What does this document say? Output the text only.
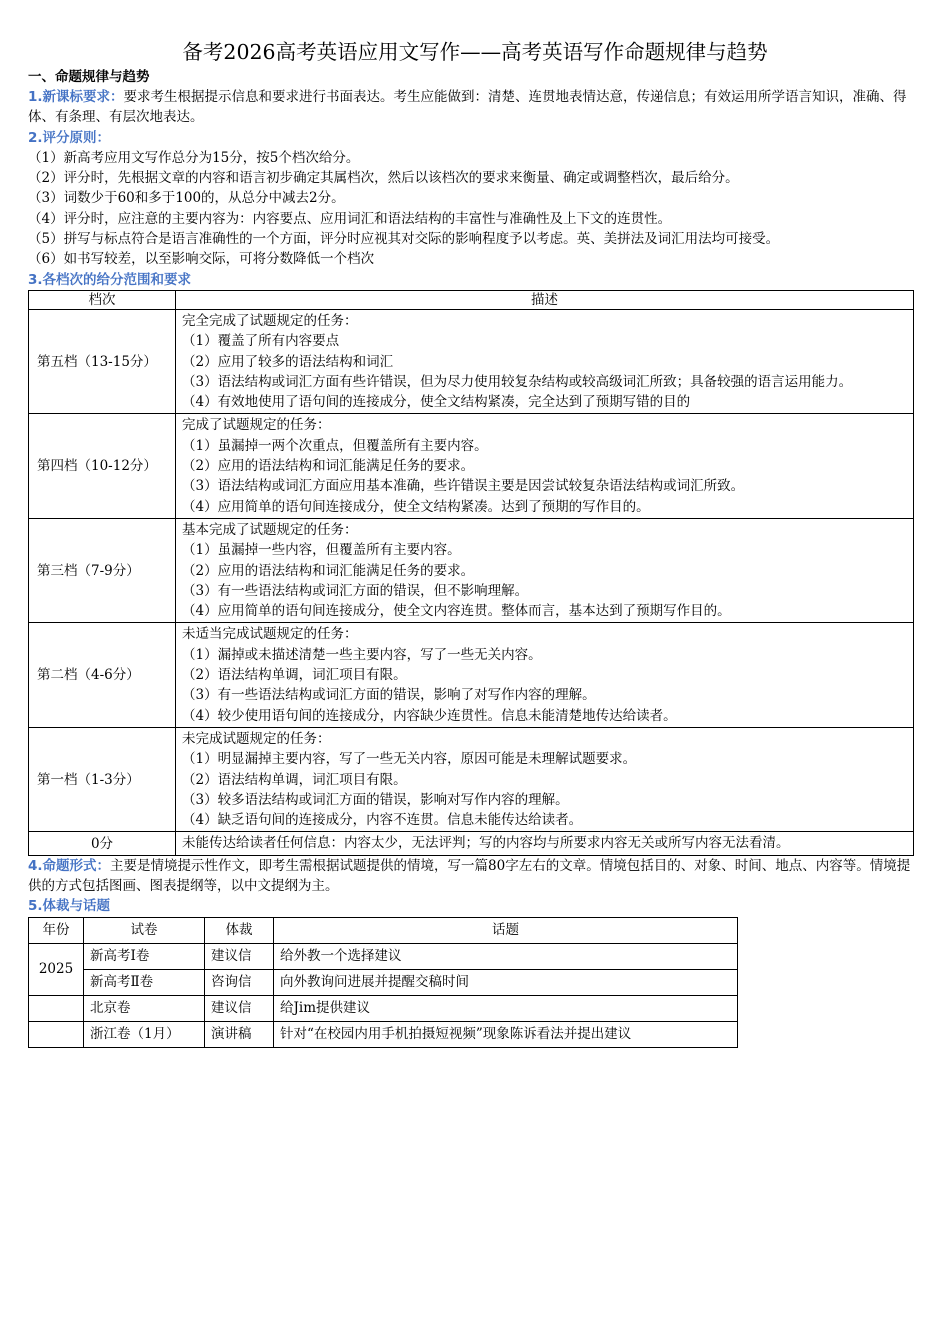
备考2026高考英语应用文写作——高考英语写作命题规律与趋势
一、命题规律与趋势

1.新课标要求：要求考生根据提示信息和要求进行书面表达。考生应能做到：清楚、连贯地表情达意，传递信息；有效运用所学语言知识，准确、得体、有条理、有层次地表达。

2.评分原则：

（1）新高考应用文写作总分为15分，按5个档次给分。

（2）评分时，先根据文章的内容和语言初步确定其属档次，然后以该档次的要求来衡量、确定或调整档次，最后给分。

（3）词数少于60和多于100的，从总分中减去2分。

（4）评分时，应注意的主要内容为：内容要点、应用词汇和语法结构的丰富性与准确性及上下文的连贯性。

（5）拼写与标点符合是语言准确性的一个方面，评分时应视其对交际的影响程度予以考虑。英、美拼法及词汇用法均可接受。

（6）如书写较差，以至影响交际，可将分数降低一个档次

3.各档次的给分范围和要求
档次	描述
第五档（13-15分）	完全完成了试题规定的任务：
（1）覆盖了所有内容要点
（2）应用了较多的语法结构和词汇
（3）语法结构或词汇方面有些许错误，但为尽力使用较复杂结构或较高级词汇所致；具备较强的语言运用能力。
（4）有效地使用了语句间的连接成分，使全文结构紧凑，完全达到了预期写错的目的

第四档（10-12分）	完成了试题规定的任务：
（1）虽漏掉一两个次重点，但覆盖所有主要内容。
（2）应用的语法结构和词汇能满足任务的要求。
（3）语法结构或词汇方面应用基本准确，些许错误主要是因尝试较复杂语法结构或词汇所致。
（4）应用简单的语句间连接成分，使全文结构紧凑。达到了预期的写作目的。

第三档（7-9分）	基本完成了试题规定的任务：
（1）虽漏掉一些内容，但覆盖所有主要内容。
（2）应用的语法结构和词汇能满足任务的要求。
（3）有一些语法结构或词汇方面的错误，但不影响理解。
（4）应用简单的语句间连接成分，使全文内容连贯。整体而言，基本达到了预期写作目的。

第二档（4-6分）	未适当完成试题规定的任务：
（1）漏掉或未描述清楚一些主要内容，写了一些无关内容。
（2）语法结构单调，词汇项目有限。
（3）有一些语法结构或词汇方面的错误，影响了对写作内容的理解。
（4）较少使用语句间的连接成分，内容缺少连贯性。信息未能清楚地传达给读者。

第一档（1-3分）	未完成试题规定的任务：
（1）明显漏掉主要内容，写了一些无关内容，原因可能是未理解试题要求。
（2）语法结构单调，词汇项目有限。
（3）较多语法结构或词汇方面的错误，影响对写作内容的理解。
（4）缺乏语句间的连接成分，内容不连贯。信息未能传达给读者。

0分	未能传达给读者任何信息：内容太少，无法评判；写的内容均与所要求内容无关或所写内容无法看清。

4.命题形式：主要是情境提示性作文，即考生需根据试题提供的情境，写一篇80字左右的文章。情境包括目的、对象、时间、地点、内容等。情境提供的方式包括图画、图表提纲等，以中文提纲为主。

5.体裁与话题
年份	试卷	体裁	话题
2025	新高考Ⅰ卷	建议信	给外教一个选择建议
	新高考Ⅱ卷	咨询信	向外教询问进展并提醒交稿时间
	北京卷	建议信	给Jim提供建议
	浙江卷（1月）	演讲稿	针对“在校园内用手机拍摄短视频”现象陈诉看法并提出建议
